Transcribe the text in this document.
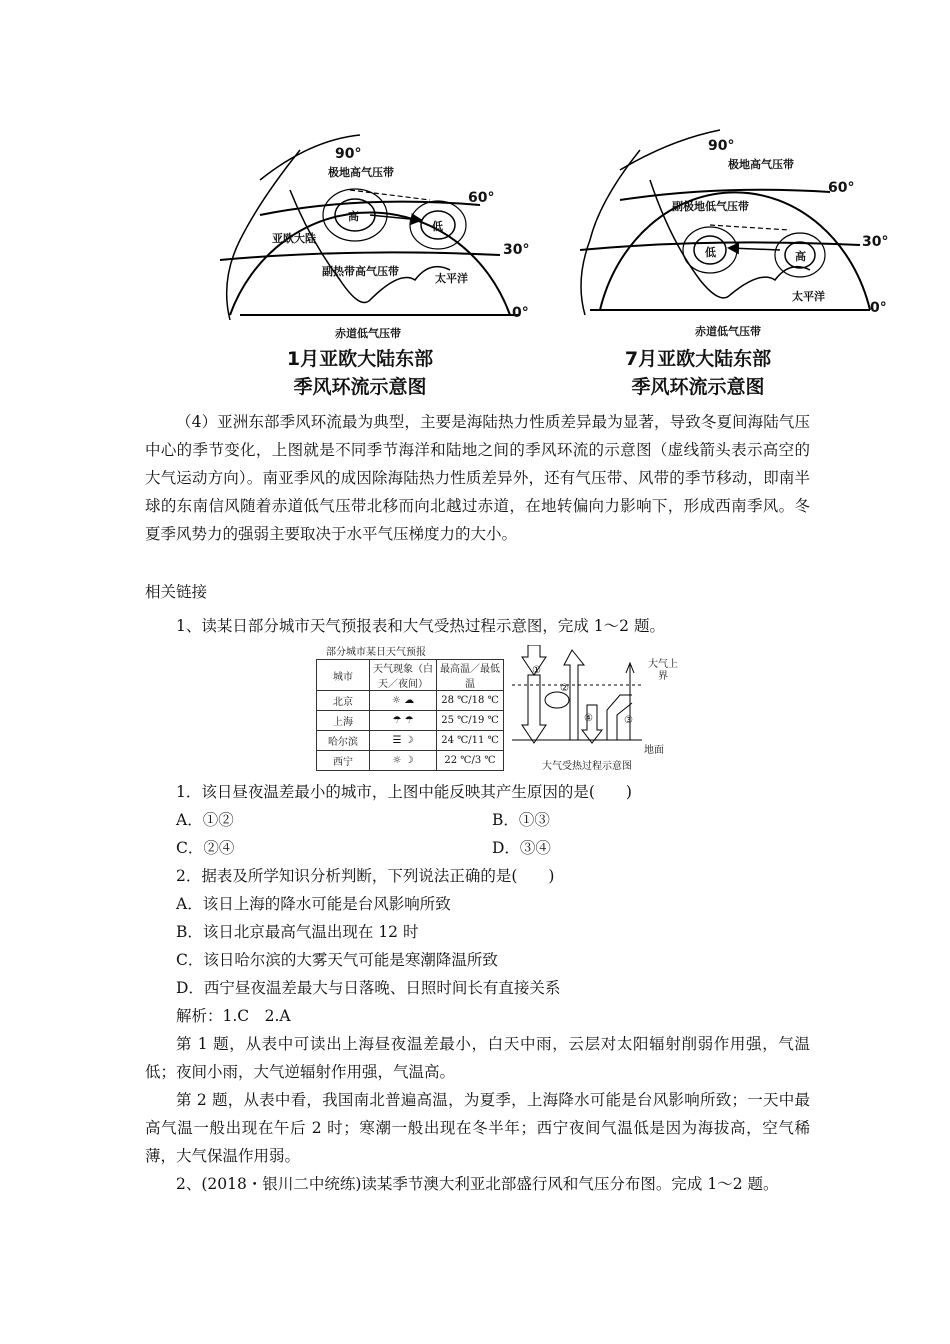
90°
极地高气压带
60°
亚欧大陆
高
低
30°
副热带高气压带
太平洋
0°
赤道低气压带
1月亚欧大陆东部
季风环流示意图
90°
极地高气压带
60°
副极地低气压带
低	高
30°
太平洋
0°
赤道低气压带
7月亚欧大陆东部
季风环流示意图
（4）亚洲东部季风环流最为典型，主要是海陆热力性质差异最为显著，导致冬夏间海陆气压中心的季节变化，上图就是不同季节海洋和陆地之间的季风环流的示意图（虚线箭头表示高空的大气运动方向）。南亚季风的成因除海陆热力性质差异外，还有气压带、风带的季节移动，即南半球的东南信风随着赤道低气压带北移而向北越过赤道，在地转偏向力影响下，形成西南季风。冬夏季风势力的强弱主要取决于水平气压梯度力的大小。
相关链接
1、读某日部分城市天气预报表和大气受热过程示意图，完成 1～2 题。
部分城市某日天气预报
城市	天气现象（白天／夜间）	最高温／最低温
北京	☼ ☁	28 ℃/18 ℃
上海	☂ ☂	25 ℃/19 ℃
哈尔滨	☰ ☽	24 ℃/11 ℃
西宁	☼ ☽	22 ℃/3 ℃
①
②
③
④
大气上界
地面
大气受热过程示意图
1．该日昼夜温差最小的城市，上图中能反映其产生原因的是(　　)
A．①②	B．①③
C．②④	D．③④
2．据表及所学知识分析判断，下列说法正确的是(　　)
A．该日上海的降水可能是台风影响所致
B．该日北京最高气温出现在 12 时
C．该日哈尔滨的大雾天气可能是寒潮降温所致
D．西宁昼夜温差最大与日落晚、日照时间长有直接关系
解析：1.C　2.A
第 1 题，从表中可读出上海昼夜温差最小，白天中雨，云层对太阳辐射削弱作用强，气温低；夜间小雨，大气逆辐射作用强，气温高。
第 2 题，从表中看，我国南北普遍高温，为夏季，上海降水可能是台风影响所致；一天中最高气温一般出现在午后 2 时；寒潮一般出现在冬半年；西宁夜间气温低是因为海拔高，空气稀薄，大气保温作用弱。
2、(2018・银川二中统练)读某季节澳大利亚北部盛行风和气压分布图。完成 1～2 题。
